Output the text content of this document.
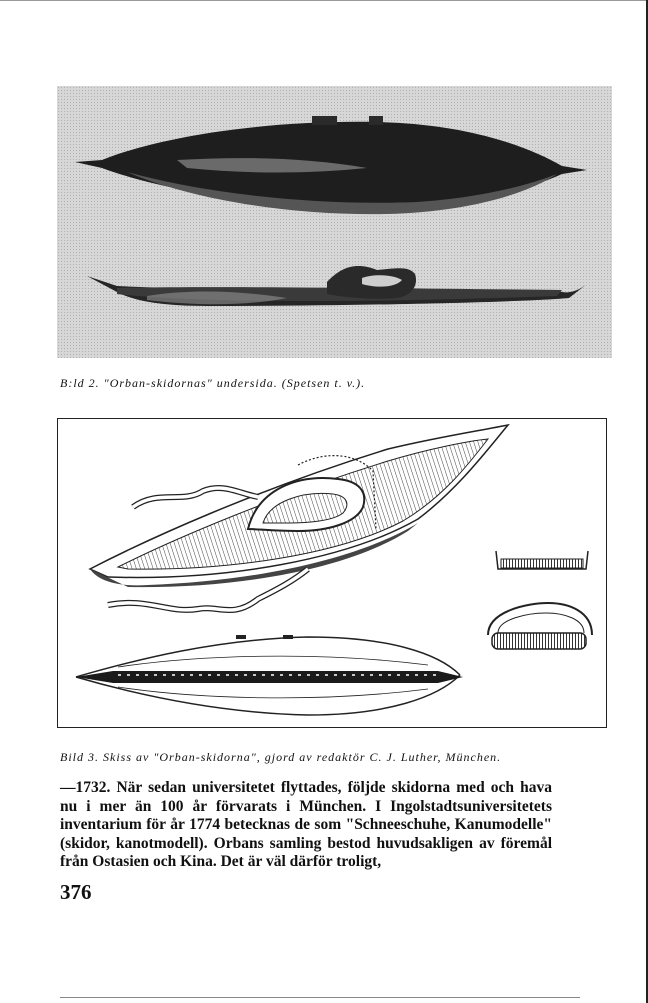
B:ld 2. "Orban-skidornas" undersida. (Spetsen t. v.).
Bild 3. Skiss av "Orban-skidorna", gjord av redaktör C. J. Luther, München.
—1732. När sedan universitetet flyttades, följde skidorna med och hava nu i mer än 100 år förvarats i München. I Ingolstadtsuniversitetets inventarium för år 1774 betecknas de som "Schneeschuhe, Kanumodelle" (skidor, kanotmodell). Orbans samling bestod huvudsakligen av föremål från Ostasien och Kina. Det är väl därför troligt,
376
